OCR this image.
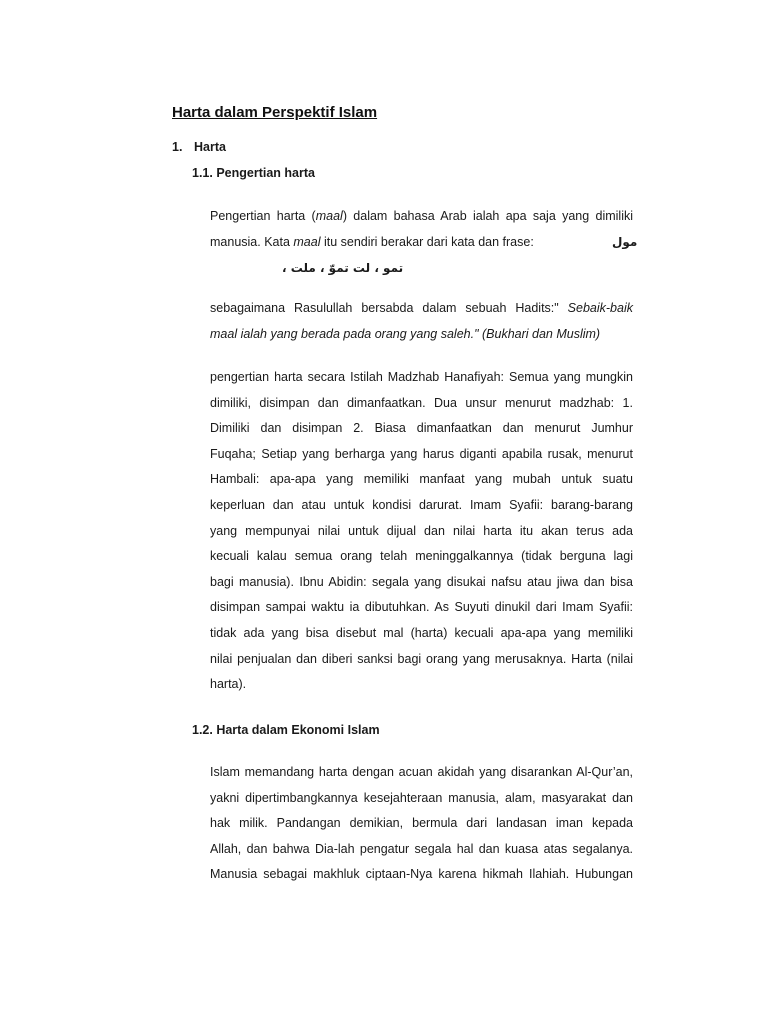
Harta dalam Perspektif Islam
1. Harta
1.1. Pengertian harta
Pengertian harta (maal) dalam bahasa Arab ialah apa saja yang dimiliki
manusia. Kata maal itu sendiri berakar dari kata dan frase:	مول
تمو ، لت تموّ ، ملت ،
sebagaimana Rasulullah bersabda dalam sebuah Hadits:" Sebaik-baik
maal ialah yang berada pada orang yang saleh." (Bukhari dan Muslim)
pengertian harta secara Istilah Madzhab Hanafiyah: Semua yang mungkin
dimiliki, disimpan dan dimanfaatkan. Dua unsur menurut madzhab: 1.
Dimiliki dan disimpan 2. Biasa dimanfaatkan dan menurut Jumhur
Fuqaha; Setiap yang berharga yang harus diganti apabila rusak, menurut
Hambali: apa-apa yang memiliki manfaat yang mubah untuk suatu
keperluan dan atau untuk kondisi darurat. Imam Syafii: barang-barang
yang mempunyai nilai untuk dijual dan nilai harta itu akan terus ada
kecuali kalau semua orang telah meninggalkannya (tidak berguna lagi
bagi manusia). Ibnu Abidin: segala yang disukai nafsu atau jiwa dan bisa
disimpan sampai waktu ia dibutuhkan. As Suyuti dinukil dari Imam Syafii:
tidak ada yang bisa disebut mal (harta) kecuali apa-apa yang memiliki
nilai penjualan dan diberi sanksi bagi orang yang merusaknya. Harta (nilai
harta).
1.2. Harta dalam Ekonomi Islam
Islam memandang harta dengan acuan akidah yang disarankan Al-Qur’an,
yakni dipertimbangkannya kesejahteraan manusia, alam, masyarakat dan
hak milik. Pandangan demikian, bermula dari landasan iman kepada
Allah, dan bahwa Dia-lah pengatur segala hal dan kuasa atas segalanya.
Manusia sebagai makhluk ciptaan-Nya karena hikmah Ilahiah. Hubungan
